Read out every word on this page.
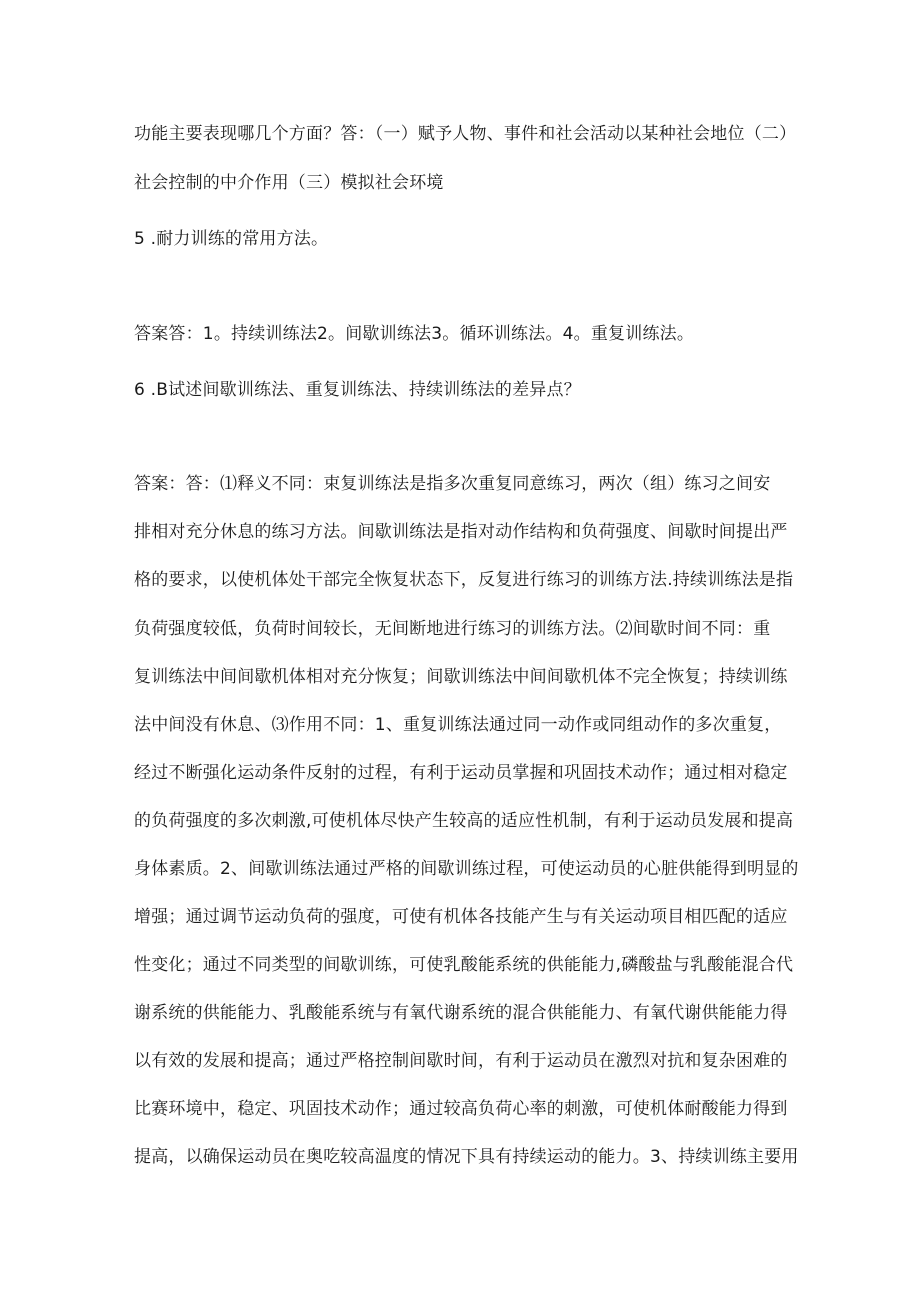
功能主要表现哪几个方面？答：（一）赋予人物、事件和社会活动以某种社会地位（二）

社会控制的中介作用（三）模拟社会环境

5 .耐力训练的常用方法。

答案答：1。持续训练法2。间歇训练法3。循环训练法。4。重复训练法。

6 .B试述间歇训练法、重复训练法、持续训练法的差异点？

答案：答：⑴释义不同：束复训练法是指多次重复同意练习，两次（组）练习之间安

排相对充分休息的练习方法。间歇训练法是指对动作结构和负荷强度、间歇时间提出严

格的要求，以使机体处干部完全恢复状态下，反复进行练习的训练方法.持续训练法是指

负荷强度较低，负荷时间较长，无间断地进行练习的训练方法。⑵间歇时间不同：重

复训练法中间间歇机体相对充分恢复；间歇训练法中间间歇机体不完全恢复；持续训练

法中间没有休息、⑶作用不同：1、重复训练法通过同一动作或同组动作的多次重复，

经过不断强化运动条件反射的过程，有利于运动员掌握和巩固技术动作；通过相对稳定

的负荷强度的多次刺激,可使机体尽快产生较高的适应性机制，有利于运动员发展和提高

身体素质。2、间歇训练法通过严格的间歇训练过程，可使运动员的心脏供能得到明显的

增强；通过调节运动负荷的强度，可使有机体各技能产生与有关运动项目相匹配的适应

性变化；通过不同类型的间歇训练，可使乳酸能系统的供能能力,磷酸盐与乳酸能混合代

谢系统的供能能力、乳酸能系统与有氧代谢系统的混合供能能力、有氧代谢供能能力得

以有效的发展和提高；通过严格控制间歇时间，有利于运动员在激烈对抗和复杂困难的

比赛环境中，稳定、巩固技术动作；通过较高负荷心率的刺激，可使机体耐酸能力得到

提高，以确保运动员在奥吃较高温度的情况下具有持续运动的能力。3、持续训练主要用
